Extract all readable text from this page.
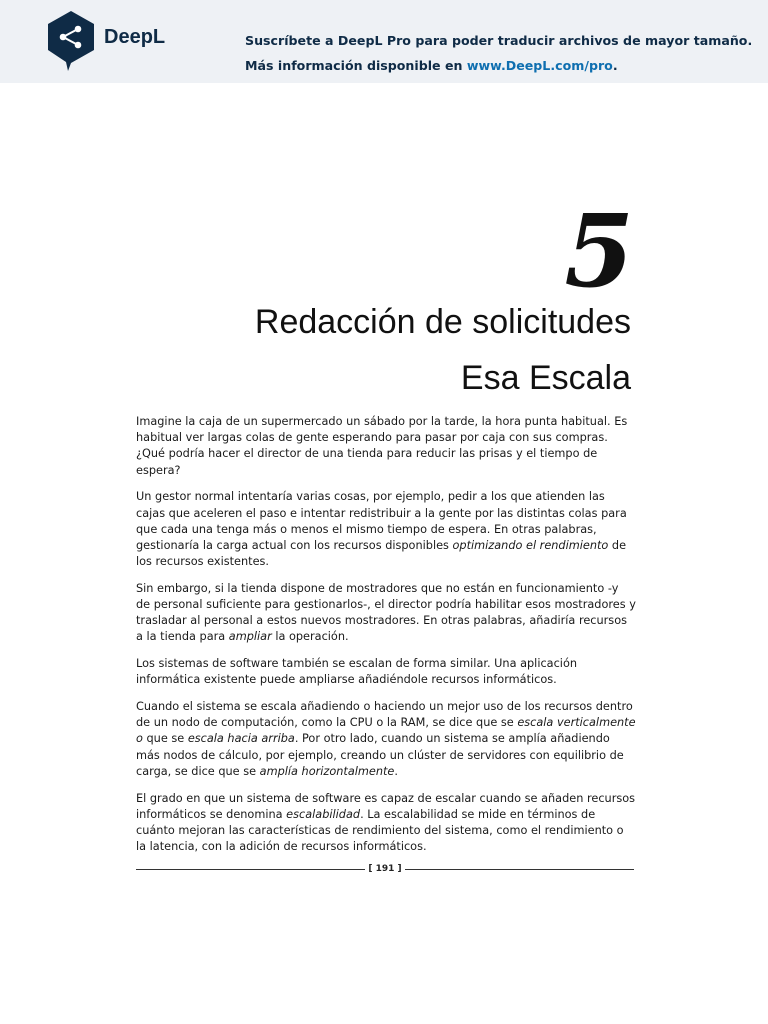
DeepL	Suscríbete a DeepL Pro para poder traducir archivos de mayor tamaño.
Más información disponible en www.DeepL.com/pro.
5
Redacción de solicitudes
Esa Escala

Imagine la caja de un supermercado un sábado por la tarde, la hora punta habitual. Es habitual ver largas colas de gente esperando para pasar por caja con sus compras. ¿Qué podría hacer el director de una tienda para reducir las prisas y el tiempo de espera?

Un gestor normal intentaría varias cosas, por ejemplo, pedir a los que atienden las cajas que aceleren el paso e intentar redistribuir a la gente por las distintas colas para que cada una tenga más o menos el mismo tiempo de espera. En otras palabras, gestionaría la carga actual con los recursos disponibles optimizando el rendimiento de los recursos existentes.

Sin embargo, si la tienda dispone de mostradores que no están en funcionamiento -y de personal suficiente para gestionarlos-, el director podría habilitar esos mostradores y trasladar al personal a estos nuevos mostradores. En otras palabras, añadiría recursos a la tienda para ampliar la operación.

Los sistemas de software también se escalan de forma similar. Una aplicación informática existente puede ampliarse añadiéndole recursos informáticos.

Cuando el sistema se escala añadiendo o haciendo un mejor uso de los recursos dentro de un nodo de computación, como la CPU o la RAM, se dice que se escala verticalmente o que se escala hacia arriba. Por otro lado, cuando un sistema se amplía añadiendo más nodos de cálculo, por ejemplo, creando un clúster de servidores con equilibrio de carga, se dice que se amplía horizontalmente.

El grado en que un sistema de software es capaz de escalar cuando se añaden recursos informáticos se denomina escalabilidad. La escalabilidad se mide en términos de cuánto mejoran las características de rendimiento del sistema, como el rendimiento o la latencia, con la adición de recursos informáticos.

[ 191 ]
